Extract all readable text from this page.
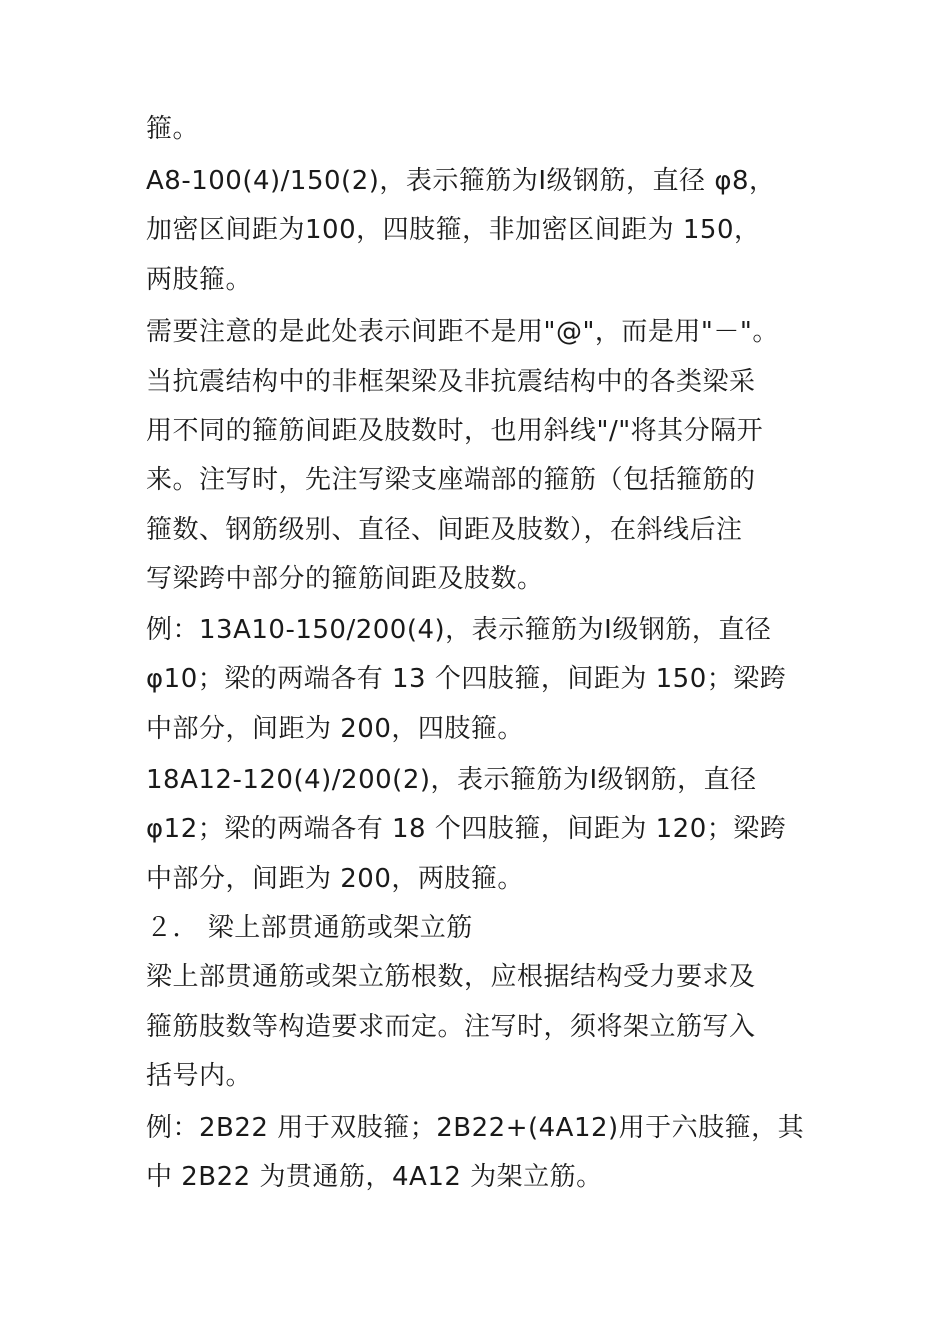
箍。
A8-100(4)/150(2)，表示箍筋为Ⅰ级钢筋，直径 φ8，
加密区间距为100，四肢箍，非加密区间距为 150，
两肢箍。
需要注意的是此处表示间距不是用"@"，而是用"－"。
当抗震结构中的非框架梁及非抗震结构中的各类梁采
用不同的箍筋间距及肢数时，也用斜线"/"将其分隔开
来。注写时，先注写梁支座端部的箍筋（包括箍筋的
箍数、钢筋级别、直径、间距及肢数），在斜线后注
写梁跨中部分的箍筋间距及肢数。
例：13A10-150/200(4)，表示箍筋为Ⅰ级钢筋，直径
φ10；梁的两端各有 13 个四肢箍，间距为 150；梁跨
中部分，间距为 200，四肢箍。
18A12-120(4)/200(2)，表示箍筋为Ⅰ级钢筋，直径
φ12；梁的两端各有 18 个四肢箍，间距为 120；梁跨
中部分，间距为 200，两肢箍。
２． 梁上部贯通筋或架立筋
梁上部贯通筋或架立筋根数，应根据结构受力要求及
箍筋肢数等构造要求而定。注写时，须将架立筋写入
括号内。
例：2B22 用于双肢箍；2B22+(4A12)用于六肢箍，其
中 2B22 为贯通筋，4A12 为架立筋。
